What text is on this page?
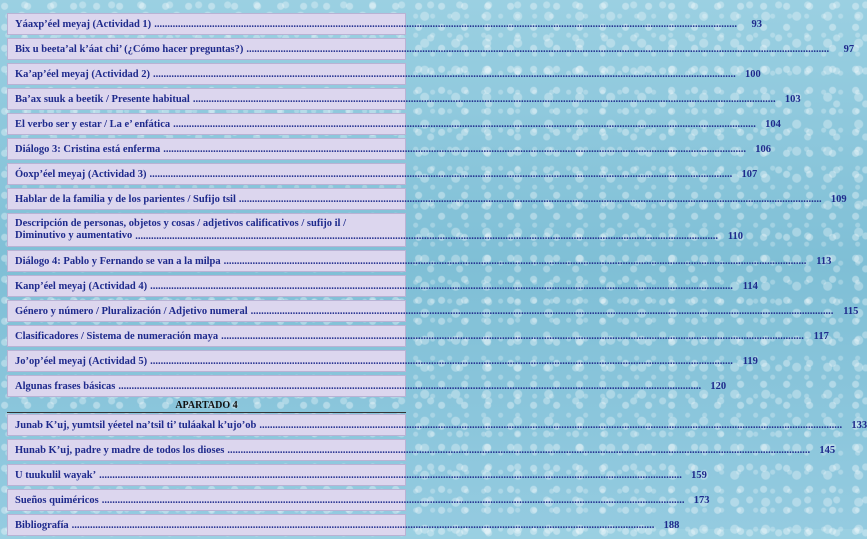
Yáaxp’éel meyaj (Actividad 1) .....	93
Bix u beeta’al k’áat chi’ (¿Cómo hacer preguntas?) .....	97
Ka’ap’éel meyaj (Actividad 2) .....	100
Ba’ax suuk a beetik / Presente habitual .....	103
El verbo ser y estar / La e’ enfática .....	104
Diálogo 3: Cristina está enferma .....	106
Óoxp’éel meyaj (Actividad 3) .....	107
Hablar de la familia y de los parientes / Sufijo tsil .....	109
Descripción de personas, objetos y cosas / adjetivos calificativos / sufijo il /
Diminutivo y aumentativo .....	110
Diálogo 4: Pablo y Fernando se van a la milpa .....	113
Kanp’éel meyaj (Actividad 4) .....	114
Género y número / Pluralización / Adjetivo numeral .....	115
Clasificadores / Sistema de numeración maya .....	117
Jo’op’éel meyaj (Actividad 5) .....	119
Algunas frases básicas .....	120
APARTADO 4
Junab K’uj, yumtsil yéetel na’tsil ti’ tuláakal k’ujo’ob .....	133
Hunab K’uj, padre y madre de todos los dioses .....	145
U tuukulil wayak’ .....	159
Sueños quiméricos .....	173
Bibliografía .....	188
